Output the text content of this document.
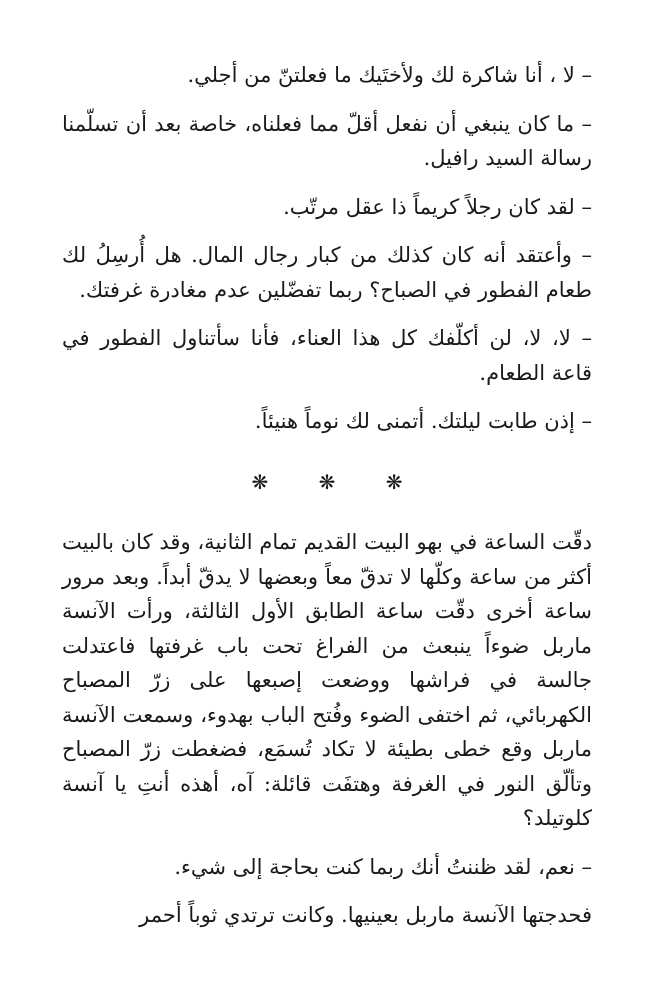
– لا ، أنا شاكرة لك ولأختَيك ما فعلتنّ من أجلي.

– ما كان ينبغي أن نفعل أقلّ مما فعلناه، خاصة بعد أن تسلّمنا رسالة السيد رافيل.

– لقد كان رجلاً كريماً ذا عقل مرتّب.

– وأعتقد أنه كان كذلك من كبار رجال المال. هل أُرسِلُ لك طعام الفطور في الصباح؟ ربما تفضّلين عدم مغادرة غرفتك.

– لا، لا، لن أكلّفك كل هذا العناء، فأنا سأتناول الفطور في قاعة الطعام.

– إذن طابت ليلتك. أتمنى لك نوماً هنيئاً.

❋ ❋ ❋

دقّت الساعة في بهو البيت القديم تمام الثانية، وقد كان بالبيت أكثر من ساعة وكلّها لا تدقّ معاً وبعضها لا يدقّ أبداً. وبعد مرور ساعة أخرى دقّت ساعة الطابق الأول الثالثة، ورأت الآنسة ماربل ضوءاً ينبعث من الفراغ تحت باب غرفتها فاعتدلت جالسة في فراشها ووضعت إصبعها على زرّ المصباح الكهربائي، ثم اختفى الضوء وفُتح الباب بهدوء، وسمعت الآنسة ماربل وقع خطى بطيئة لا تكاد تُسمَع، فضغطت زرّ المصباح وتألّق النور في الغرفة وهتفَت قائلة: آه، أهذه أنتِ يا آنسة كلوتيلد؟

– نعم، لقد ظننتُ أنك ربما كنت بحاجة إلى شيء.

فحدجتها الآنسة ماربل بعينيها. وكانت ترتدي ثوباً أحمر
